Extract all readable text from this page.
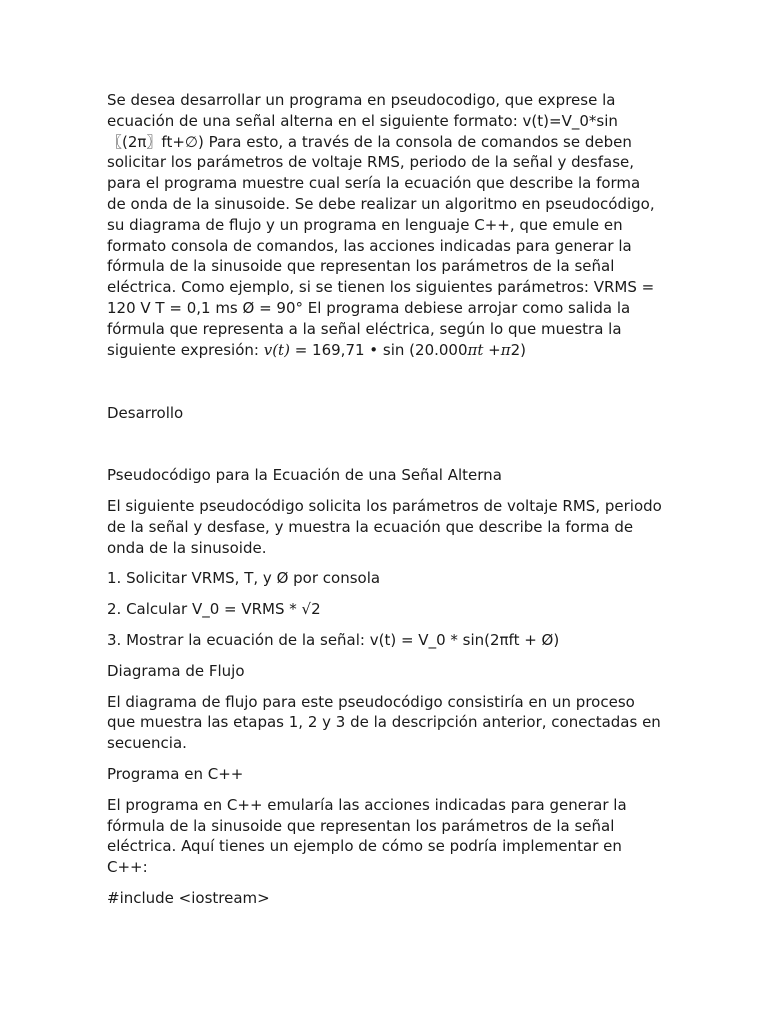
Se desea desarrollar un programa en pseudocodigo, que exprese la ecuación de una señal alterna en el siguiente formato: v(t)=V_0*sin〖(2π〗ft+∅) Para esto, a través de la consola de comandos se deben solicitar los parámetros de voltaje RMS, periodo de la señal y desfase, para el programa muestre cual sería la ecuación que describe la forma de onda de la sinusoide. Se debe realizar un algoritmo en pseudocódigo, su diagrama de flujo y un programa en lenguaje C++, que emule en formato consola de comandos, las acciones indicadas para generar la fórmula de la sinusoide que representan los parámetros de la señal eléctrica. Como ejemplo, si se tienen los siguientes parámetros: VRMS = 120 V T = 0,1 ms Ø = 90° El programa debiese arrojar como salida la fórmula que representa a la señal eléctrica, según lo que muestra la siguiente expresión: v(t) = 169,71 • sin (20.000πt +π2)

Desarrollo

Pseudocódigo para la Ecuación de una Señal Alterna

El siguiente pseudocódigo solicita los parámetros de voltaje RMS, periodo de la señal y desfase, y muestra la ecuación que describe la forma de onda de la sinusoide.

1. Solicitar VRMS, T, y Ø por consola

2. Calcular V_0 = VRMS * √2

3. Mostrar la ecuación de la señal: v(t) = V_0 * sin(2πft + Ø)

Diagrama de Flujo

El diagrama de flujo para este pseudocódigo consistiría en un proceso que muestra las etapas 1, 2 y 3 de la descripción anterior, conectadas en secuencia.

Programa en C++

El programa en C++ emularía las acciones indicadas para generar la fórmula de la sinusoide que representan los parámetros de la señal eléctrica. Aquí tienes un ejemplo de cómo se podría implementar en C++:

#include <iostream>
